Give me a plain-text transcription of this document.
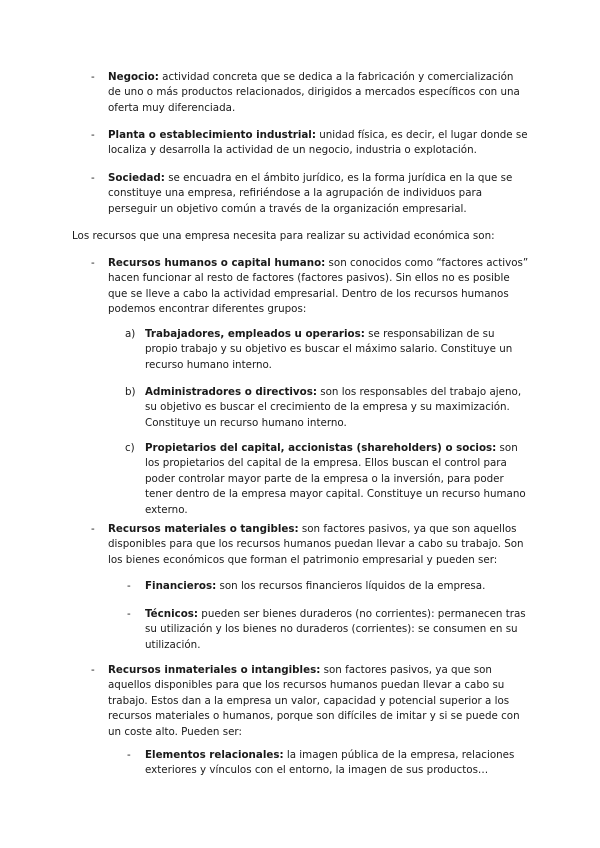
- Negocio: actividad concreta que se dedica a la fabricación y comercialización de uno o más productos relacionados, dirigidos a mercados específicos con una oferta muy diferenciada.

- Planta o establecimiento industrial: unidad física, es decir, el lugar donde se localiza y desarrolla la actividad de un negocio, industria o explotación.

- Sociedad: se encuadra en el ámbito jurídico, es la forma jurídica en la que se constituye una empresa, refiriéndose a la agrupación de individuos para perseguir un objetivo común a través de la organización empresarial.

Los recursos que una empresa necesita para realizar su actividad económica son:

- Recursos humanos o capital humano: son conocidos como “factores activos” hacen funcionar al resto de factores (factores pasivos). Sin ellos no es posible que se lleve a cabo la actividad empresarial. Dentro de los recursos humanos podemos encontrar diferentes grupos:

a) Trabajadores, empleados u operarios: se responsabilizan de su propio trabajo y su objetivo es buscar el máximo salario. Constituye un recurso humano interno.

b) Administradores o directivos: son los responsables del trabajo ajeno, su objetivo es buscar el crecimiento de la empresa y su maximización. Constituye un recurso humano interno.

c) Propietarios del capital, accionistas (shareholders) o socios: son los propietarios del capital de la empresa. Ellos buscan el control para poder controlar mayor parte de la empresa o la inversión, para poder tener dentro de la empresa mayor capital. Constituye un recurso humano externo.

- Recursos materiales o tangibles: son factores pasivos, ya que son aquellos disponibles para que los recursos humanos puedan llevar a cabo su trabajo. Son los bienes económicos que forman el patrimonio empresarial y pueden ser:

- Financieros: son los recursos financieros líquidos de la empresa.

- Técnicos: pueden ser bienes duraderos (no corrientes): permanecen tras su utilización y los bienes no duraderos (corrientes): se consumen en su utilización.

- Recursos inmateriales o intangibles: son factores pasivos, ya que son aquellos disponibles para que los recursos humanos puedan llevar a cabo su trabajo. Estos dan a la empresa un valor, capacidad y potencial superior a los recursos materiales o humanos, porque son difíciles de imitar y si se puede con un coste alto. Pueden ser:

- Elementos relacionales: la imagen pública de la empresa, relaciones exteriores y vínculos con el entorno, la imagen de sus productos…
